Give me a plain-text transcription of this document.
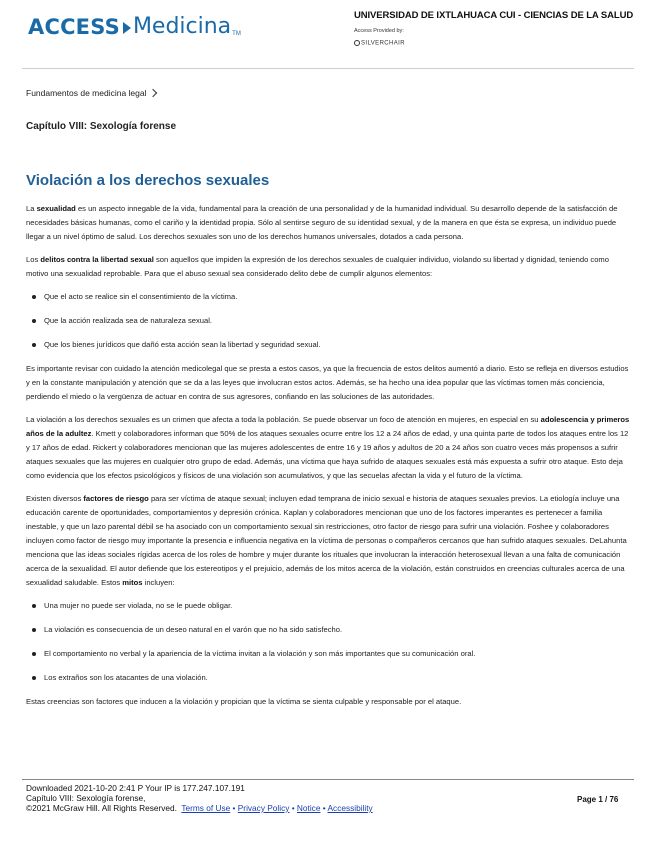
ACCESS Medicina TM
UNIVERSIDAD DE IXTLAHUACA CUI - CIENCIAS DE LA SALUD
Access Provided by:
SILVERCHAIR
Fundamentos de medicina legal
Capítulo VIII: Sexología forense
Violación a los derechos sexuales

La sexualidad es un aspecto innegable de la vida, fundamental para la creación de una personalidad y de la humanidad individual. Su desarrollo depende de la satisfacción de necesidades básicas humanas, como el cariño y la identidad propia. Sólo al sentirse seguro de su identidad sexual, y de la manera en que ésta se expresa, un individuo puede llegar a un nivel óptimo de salud. Los derechos sexuales son uno de los derechos humanos universales, dotados a cada persona.

Los delitos contra la libertad sexual son aquellos que impiden la expresión de los derechos sexuales de cualquier individuo, violando su libertad y dignidad, teniendo como motivo una sexualidad reprobable. Para que el abuso sexual sea considerado delito debe de cumplir algunos elementos:

Que el acto se realice sin el consentimiento de la víctima.
Que la acción realizada sea de naturaleza sexual.
Que los bienes jurídicos que dañó esta acción sean la libertad y seguridad sexual.

Es importante revisar con cuidado la atención medicolegal que se presta a estos casos, ya que la frecuencia de estos delitos aumentó a diario. Esto se refleja en diversos estudios y en la constante manipulación y atención que se da a las leyes que involucran estos actos. Además, se ha hecho una idea popular que las víctimas tomen más conciencia, perdiendo el miedo o la vergüenza de actuar en contra de sus agresores, confiando en las soluciones de las autoridades.

La violación a los derechos sexuales es un crimen que afecta a toda la población. Se puede observar un foco de atención en mujeres, en especial en su adolescencia y primeros años de la adultez. Kmett y colaboradores informan que 50% de los ataques sexuales ocurre entre los 12 a 24 años de edad, y una quinta parte de todos los ataques entre los 12 y 17 años de edad. Rickert y colaboradores mencionan que las mujeres adolescentes de entre 16 y 19 años y adultos de 20 a 24 años son cuatro veces más propensos a sufrir ataques sexuales que las mujeres en cualquier otro grupo de edad. Además, una víctima que haya sufrido de ataques sexuales está más expuesta a sufrir otro ataque. Esto deja como evidencia que los efectos psicológicos y físicos de una violación son acumulativos, y que las secuelas afectan la vida y el futuro de la víctima.

Existen diversos factores de riesgo para ser víctima de ataque sexual; incluyen edad temprana de inicio sexual e historia de ataques sexuales previos. La etiología incluye una educación carente de oportunidades, comportamientos y depresión crónica. Kaplan y colaboradores mencionan que uno de los factores imperantes es pertenecer a familia inestable, y que un lazo parental débil se ha asociado con un comportamiento sexual sin restricciones, otro factor de riesgo para sufrir una violación. Foshee y colaboradores incluyen como factor de riesgo muy importante la presencia e influencia negativa en la víctima de personas o compañeros cercanos que han sufrido ataques sexuales. DeLahunta menciona que las ideas sociales rígidas acerca de los roles de hombre y mujer durante los rituales que involucran la interacción heterosexual llevan a una falta de comunicación acerca de la sexualidad. El autor defiende que los estereotipos y el prejuicio, además de los mitos acerca de la violación, están construidos en creencias culturales acerca de una sexualidad saludable. Estos mitos incluyen:

Una mujer no puede ser violada, no se le puede obligar.
La violación es consecuencia de un deseo natural en el varón que no ha sido satisfecho.
El comportamiento no verbal y la apariencia de la víctima invitan a la violación y son más importantes que su comunicación oral.
Los extraños son los atacantes de una violación.

Estas creencias son factores que inducen a la violación y propician que la víctima se sienta culpable y responsable por el ataque.

Downloaded 2021-10-20 2:41 P Your IP is 177.247.107.191
Capítulo VIII: Sexología forense,
©2021 McGraw Hill. All Rights Reserved. Terms of Use • Privacy Policy • Notice • Accessibility
Page 1 / 76
